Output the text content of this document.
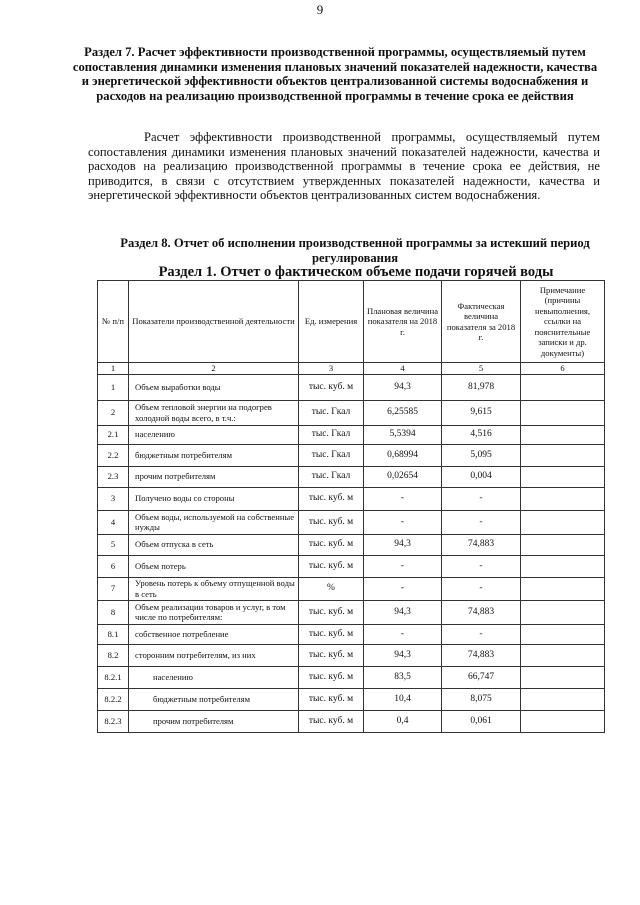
9
Раздел 7. Расчет эффективности производственной программы, осуществляемый путем сопоставления динамики изменения плановых значений показателей надежности, качества и энергетической эффективности объектов централизованной системы водоснабжения и расходов на реализацию производственной программы в течение срока ее действия
Расчет эффективности производственной программы, осуществляемый путем сопоставления динамики изменения плановых значений показателей надежности, качества и расходов на реализацию производственной программы в течение срока ее действия, не приводится, в связи с отсутствием утвержденных показателей надежности, качества и энергетической эффективности объектов централизованных систем водоснабжения.
Раздел 8. Отчет об исполнении производственной программы за истекший период регулирования
Раздел 1. Отчет о фактическом объеме подачи горячей воды
№ п/п	Показатели производственной деятельности	Ед. измерения	Плановая величина показателя на 2018 г.	Фактическая величина показателя за 2018 г.	Примечание (причины невыполнения, ссылки на пояснительные записки и др. документы)
1	2	3	4	5	6
1	Объем выработки воды	тыс. куб. м	94,3	81,978	
2	Объем тепловой энергии на подогрев холодной воды всего, в т.ч.:	тыс. Гкал	6,25585	9,615	
2.1	населению	тыс. Гкал	5,5394	4,516	
2.2	бюджетным потребителям	тыс. Гкал	0,68994	5,095	
2.3	прочим потребителям	тыс. Гкал	0,02654	0,004	
3	Получено воды со стороны	тыс. куб. м	-	-	
4	Объем воды, используемой на собственные нужды	тыс. куб. м	-	-	
5	Объем отпуска в сеть	тыс. куб. м	94,3	74,883	
6	Объем потерь	тыс. куб. м	-	-	
7	Уровень потерь к объему отпущенной воды в сеть	%	-	-	
8	Объем реализации товаров и услуг, в том числе по потребителям:	тыс. куб. м	94,3	74,883	
8.1	собственное потребление	тыс. куб. м	-	-	
8.2	сторонним потребителям, из них	тыс. куб. м	94,3	74,883	
8.2.1	населению	тыс. куб. м	83,5	66,747	
8.2.2	бюджетным потребителям	тыс. куб. м	10,4	8,075	
8.2.3	прочим потребителям	тыс. куб. м	0,4	0,061	
